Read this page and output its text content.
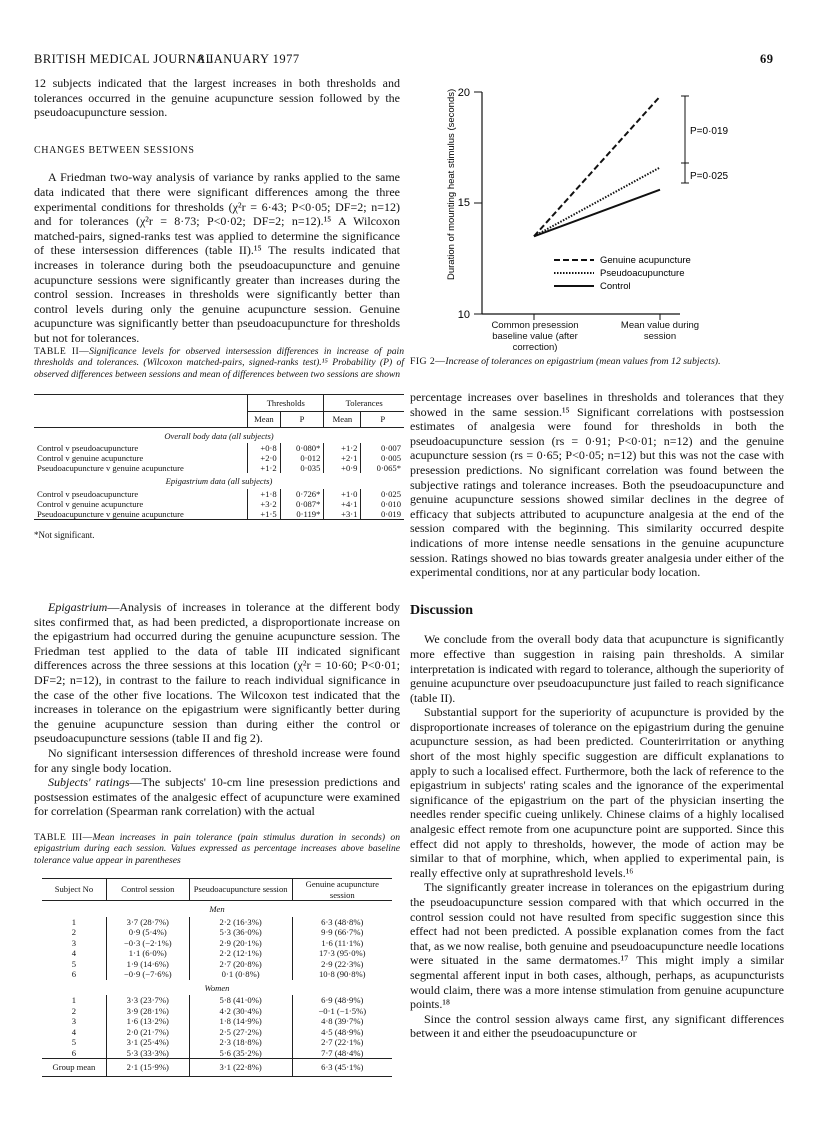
BRITISH MEDICAL JOURNAL
8 JANUARY 1977	69

12 subjects indicated that the largest increases in both thresholds and tolerances occurred in the genuine acupuncture session followed by the pseudoacupuncture session.

CHANGES BETWEEN SESSIONS

A Friedman two-way analysis of variance by ranks applied to the same data indicated that there were significant differences among the three experimental conditions for thresholds (χ²r = 6·43; P<0·05; DF=2; n=12) and for tolerances (χ²r = 8·73; P<0·02; DF=2; n=12).¹⁵ A Wilcoxon matched-pairs, signed-ranks test was applied to determine the significance of these intersession differences (table II).¹⁵ The results indicated that increases in tolerance during both the pseudoacupuncture and genuine acupuncture sessions were significantly greater than increases during the control session. Increases in thresholds were significantly better than control levels during only the genuine acupuncture session. Genuine acupuncture was significantly better than pseudoacupuncture for thresholds but not for tolerances.

TABLE II—Significance levels for observed intersession differences in increase of pain thresholds and tolerances. (Wilcoxon matched-pairs, signed-ranks test).¹⁵ Probability (P) of observed differences between sessions and mean of differences between two sessions are shown
	Thresholds		Tolerances	
	Mean	P	Mean	P
Overall body data (all subjects)				
Control v pseudoacupuncture	+0·8	0·080*	+1·2	0·007
Control v genuine acupuncture	+2·0	0·012	+2·1	0·005
Pseudoacupuncture v genuine acupuncture	+1·2	0·035	+0·9	0·065*
Epigastrium data (all subjects)				
Control v pseudoacupuncture	+1·8	0·726*	+1·0	0·025
Control v genuine acupuncture	+3·2	0·087*	+4·1	0·010
Pseudoacupuncture v genuine acupuncture	+1·5	0·119*	+3·1	0·019
*Not significant.

Epigastrium—Analysis of increases in tolerance at the different body sites confirmed that, as had been predicted, a disproportionate increase on the epigastrium had occurred during the genuine acupuncture session. The Friedman test applied to the data of table III indicated significant differences across the three sessions at this location (χ²r = 10·60; P<0·01; DF=2; n=12), in contrast to the failure to reach individual significance in the case of the other five locations. The Wilcoxon test indicated that the increases in tolerance on the epigastrium were significantly better during the genuine acupuncture session than during either the control or pseudoacupuncture sessions (table II and fig 2).

No significant intersession differences of threshold increase were found for any single body location.

Subjects' ratings—The subjects' 10-cm line presession predictions and postsession estimates of the analgesic effect of acupuncture were examined for correlation (Spearman rank correlation) with the actual

TABLE III—Mean increases in pain tolerance (pain stimulus duration in seconds) on epigastrium during each session. Values expressed as percentage increases above baseline tolerance value appear in parentheses
Subject No	Control session	Pseudoacupuncture session	Genuine acupuncture session
Men			
1	3·7 (28·7%)	2·2 (16·3%)	6·3 (48·8%)
2	0·9 (5·4%)	5·3 (36·0%)	9·9 (66·7%)
3	−0·3 (−2·1%)	2·9 (20·1%)	1·6 (11·1%)
4	1·1 (6·0%)	2·2 (12·1%)	17·3 (95·0%)
5	1·9 (14·6%)	2·7 (20·8%)	2·9 (22·3%)
6	−0·9 (−7·6%)	0·1 (0·8%)	10·8 (90·8%)
Women			
1	3·3 (23·7%)	5·8 (41·0%)	6·9 (48·9%)
2	3·9 (28·1%)	4·2 (30·4%)	−0·1 (−1·5%)
3	1·6 (13·2%)	1·8 (14·9%)	4·8 (39·7%)
4	2·0 (21·7%)	2·5 (27·2%)	4·5 (48·9%)
5	3·1 (25·4%)	2·3 (18·8%)	2·7 (22·1%)
6	5·3 (33·3%)	5·6 (35·2%)	7·7 (48·4%)
Group mean	2·1 (15·9%)	3·1 (22·8%)	6·3 (45·1%)
20
15
10
Duration of mounting heat stimulus (seconds)	P=0·019
P=0·025
Genuine acupuncture
Pseudoacupuncture
Control
Common presession baseline value (after correction)
Mean value during session
FIG 2—Increase of tolerances on epigastrium (mean values from 12 subjects).

percentage increases over baselines in thresholds and tolerances that they showed in the same session.¹⁵ Significant correlations with postsession estimates of analgesia were found for thresholds in both the pseudoacupuncture session (rs = 0·91; P<0·01; n=12) and the genuine acupuncture session (rs = 0·65; P<0·05; n=12) but this was not the case with presession predictions. No significant correlation was found between the subjective ratings and tolerance increases. Both the pseudoacupuncture and genuine acupuncture sessions showed similar declines in the degree of efficacy that subjects attributed to acupuncture analgesia at the end of the session compared with the beginning. This similarity occurred despite indications of more intense needle sensations in the genuine acupuncture session. Ratings showed no bias towards greater analgesia under either of the experimental conditions, nor at any particular body location.

Discussion

We conclude from the overall body data that acupuncture is significantly more effective than suggestion in raising pain thresholds. A similar interpretation is indicated with regard to tolerance, although the superiority of genuine acupuncture over pseudoacupuncture just failed to reach significance (table II).

Substantial support for the superiority of acupuncture is provided by the disproportionate increases of tolerance on the epigastrium during the genuine acupuncture session, as had been predicted. Counterirritation or anything short of the most highly specific suggestion are difficult explanations to apply to such a localised effect. Furthermore, both the lack of reference to the epigastrium in subjects' rating scales and the ignorance of the experimental significance of the epigastrium on the part of the physician inserting the needles render specific cueing unlikely. Chinese claims of a highly localised analgesic effect remote from one acupuncture point are supported. Since this effect did not apply to thresholds, however, the mode of action may be similar to that of morphine, which, when applied to experimental pain, is really effective only at suprathreshold levels.¹⁶

The significantly greater increase in tolerances on the epigastrium during the pseudoacupuncture session compared with that which occurred in the control session could not have resulted from specific suggestion since this effect had not been predicted. A possible explanation comes from the fact that, as we now realise, both genuine and pseudoacupuncture needle locations were situated in the same dermatomes.¹⁷ This might imply a similar segmental afferent input in both cases, although, perhaps, as acupuncturists would claim, there was a more intense stimulation from genuine acupuncture points.¹⁸

Since the control session always came first, any significant differences between it and either the pseudoacupuncture or
